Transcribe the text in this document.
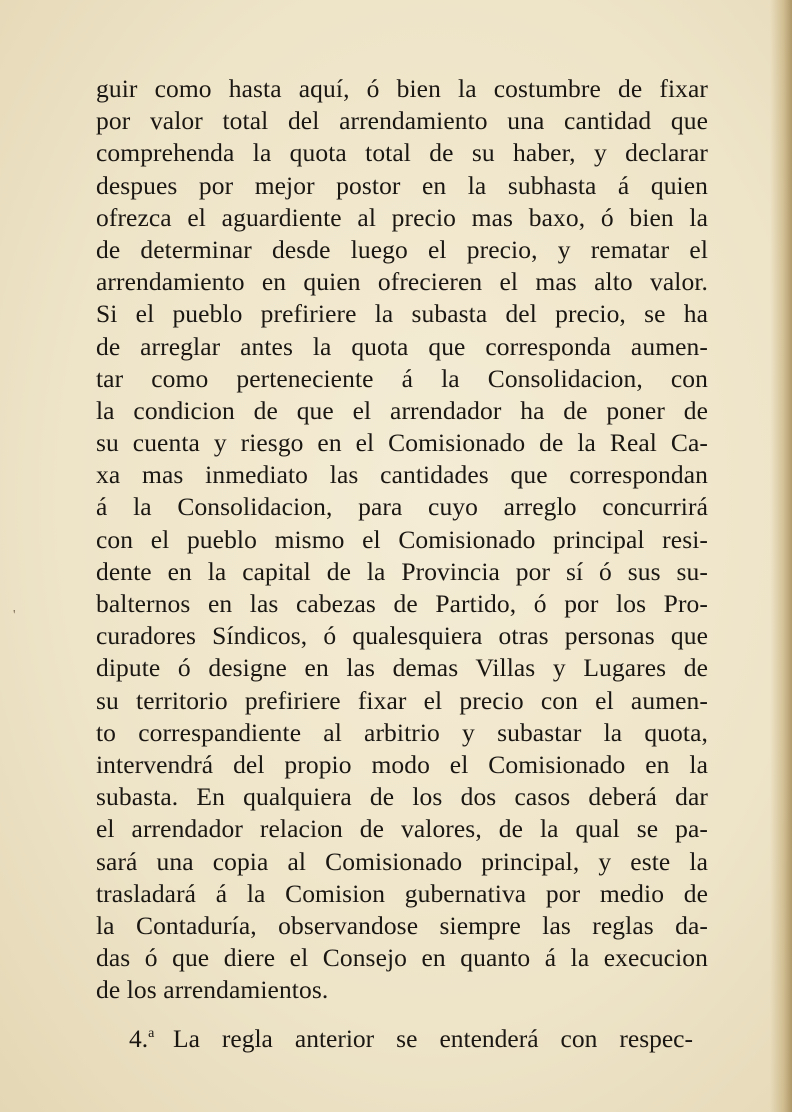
'
guir como hasta aquí, ó bien la costumbre de fixar
por valor total del arrendamiento una cantidad que
comprehenda la quota total de su haber, y declarar
despues por mejor postor en la subhasta á quien
ofrezca el aguardiente al precio mas baxo, ó bien la
de determinar desde luego el precio, y rematar el
arrendamiento en quien ofrecieren el mas alto valor.
Si el pueblo prefiriere la subasta del precio, se ha
de arreglar antes la quota que corresponda aumen-
tar como perteneciente á la Consolidacion, con
la condicion de que el arrendador ha de poner de
su cuenta y riesgo en el Comisionado de la Real Ca-
xa mas inmediato las cantidades que correspondan
á la Consolidacion, para cuyo arreglo concurrirá
con el pueblo mismo el Comisionado principal resi-
dente en la capital de la Provincia por sí ó sus su-
balternos en las cabezas de Partido, ó por los Pro-
curadores Síndicos, ó qualesquiera otras personas que
dipute ó designe en las demas Villas y Lugares de
su territorio prefiriere fixar el precio con el aumen-
to correspandiente al arbitrio y subastar la quota,
intervendrá del propio modo el Comisionado en la
subasta. En qualquiera de los dos casos deberá dar
el arrendador relacion de valores, de la qual se pa-
sará una copia al Comisionado principal, y este la
trasladará á la Comision gubernativa por medio de
la Contaduría, observandose siempre las reglas da-
das ó que diere el Consejo en quanto á la execucion
de los arrendamientos.
4.$^a$ La regla anterior se entenderá con respec-
